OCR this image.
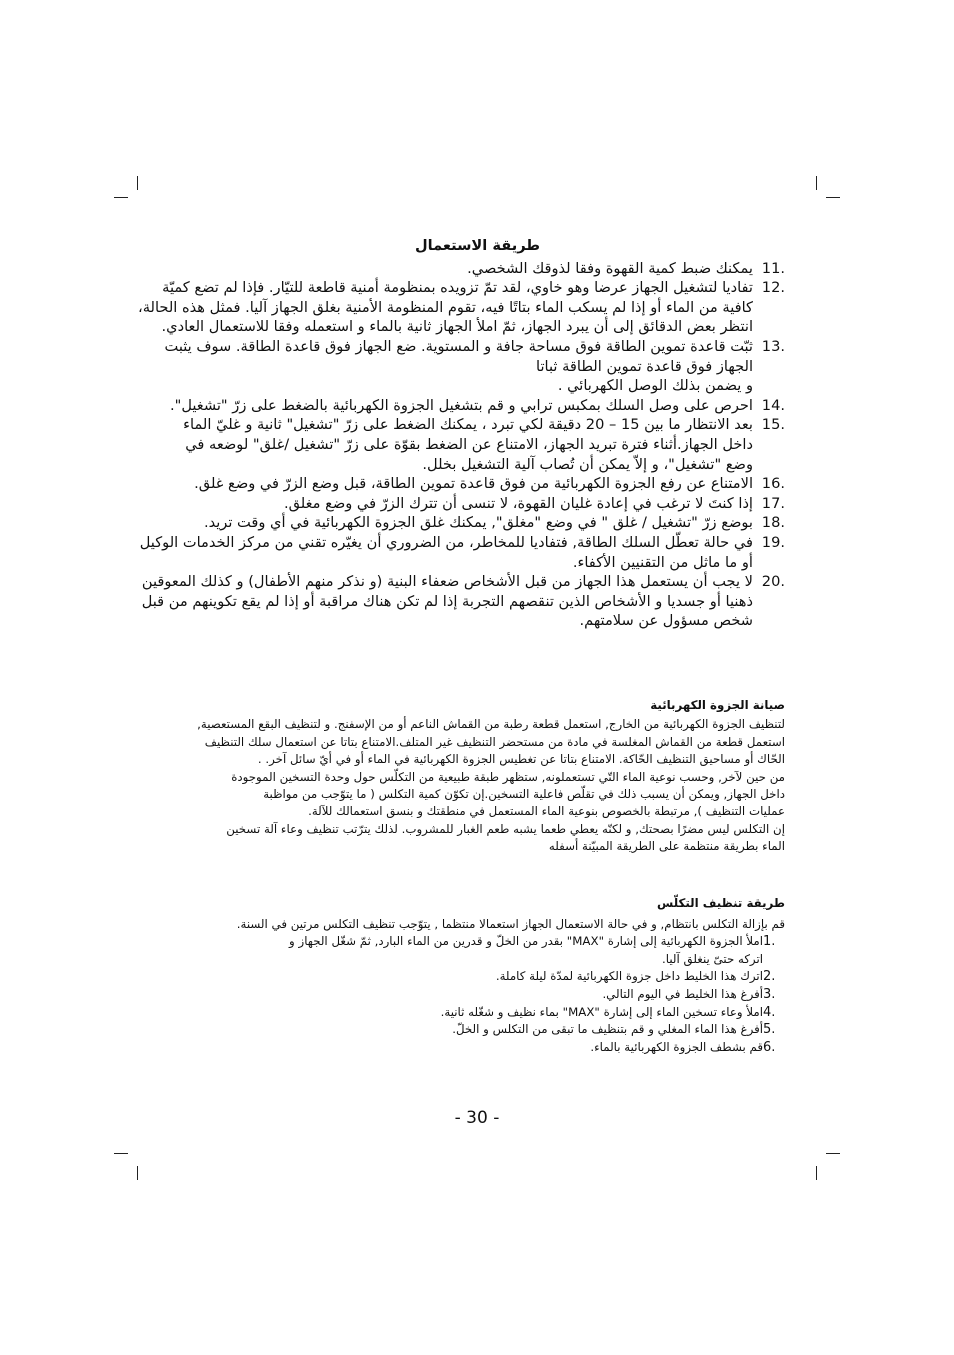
طريقة الاستعمال
11.
يمكنك ضبط كمية القهوة وفقا لذوقك الشخصي.
12.
تفاديا لتشغيل الجهاز عرضا وهو خاوي، لقد تمّ تزويده بمنظومة أمنية قاطعة للتيّار. فإذا لم تضع كميّة
كافية من الماء أو إذا لم يسكب الماء بتاتًا فيه، تقوم المنظومة الأمنية بغلق الجهاز آليا. فمثل هذه الحالة،
انتظر بعض الدقائق إلى أن يبرد الجهاز، ثمّ املأ الجهاز ثانية بالماء و استعمله وفقا للاستعمال العادي.
13.
ثبّت قاعدة تموين الطاقة فوق مساحة جافة و المستوية. ضع الجهاز فوق قاعدة الطاقة. سوف يثبت
الجهاز فوق قاعدة تموين الطاقة ثباتا
و يضمن بذلك الوصل الكهربائي .
14.
احرص على وصل السلك بمكبس ترابي و قم بتشغيل الجزوة الكهربائية بالضغط على زرّ "تشغيل".
15.
بعد الانتظار ما بين 15 – 20 دقيقة لكي تبرد ، يمكنك الضغط على زرّ "تشغيل" ثانية و غليّ الماء
داخل الجهاز.أثناء فترة تبريد الجهاز، الامتناع عن الضغط بقوّة على زرّ "تشغيل /غلق" لوضعه في
وضع "تشغيل"، و إلاّ يمكن أن تُصاب آلية التشغيل بخلل.
16.
الامتناع عن رفع الجزوة الكهربائية من فوق قاعدة تموين الطاقة، قبل وضع الزرّ في وضع غلق.
17.
إذا كنتَ لا ترغب في إعادة غليان القهوة، لا تنسى أن تترك الزرّ في وضع مغلق.
18.
بوضع زرّ "تشغيل / غلق " في وضع "مغلق", يمكنك غلق الجزوة الكهربائية في أي وقت تريد.
19.
في حالة تعطّل السلك الطاقة, فتفاديا للمخاطر، من الضروري أن يغيّره تقني من مركز الخدمات الوكيل
أو ما ماثل من التقنيين الأكفاء.
20.
لا يجب أن يستعمل هذا الجهاز من قبل الأشخاص ضعفاء البنية (و نذكر منهم الأطفال) و كذلك المعوقين
ذهنيا أو جسديا و الأشخاص الذين تنقصهم التجربة إذا لم تكن هناك مراقبة أو إذا لم يقع تكوينهم من قبل
شخص مسؤول عن سلامتهم.
صيانة الجزوة الكهربائية
لتنظيف الجزوة الكهربائية من الخارج, استعمل قطعة رطبة من القماش الناعم أو من الإسفنج. و لتنظيف البقع المستعصية,
استعمل قطعة من القماش المغلسة في مادة من مستحضر التنظيف غير المتلف.الامتناع بتاتا عن استعمال سلك التنظيف
الحّاك أو مساحيق التنظيف الحّاكة. الامتناع بتاتا عن تغطيس الجزوة الكهربائية في الماء أو في أيّ سائل آخر. .
من حين لآخر, وحسب نوعية الماء التّي تستعملونه, ستظهر طبقة طبيعية من التكلّس حول وحدة التسخين الموجودة
داخل الجهاز, ويمكن أن يسبب ذلك في تقلّص فاعلية التسخين.إن تكوّن كمية التكلس ( ما يتوّجب من مواظبة
عمليات التنظيف ), مرتبطة بالخصوص بنوعية الماء المستعمل في منطقتك و بنسق استعمالك للآلة.
إن التكلس ليس مضرًا بصحتك, و لكنّه يعطي طعما يشبه طعم الغبار للمشروب. لذلك يترّتب تنظيف وعاء آلة تسخين
الماء بطريقة منتظمة على الطريقة المبيّنة أسفله
طريقة تنظيف التكلّس
قم بإزالة التكلس بانتظام, و في حالة الاستعمال الجهاز استعمالا منتظما , يتوّجب تنظيف التكلس مرتين في السنة.
1.
املأ الجزوة الكهربائية إلى إشارة "MAX" بقدر من الخلّ و قدرين من الماء البارد, ثمّ شغّل الجهاز و
اتركه حتىّ ينغلق آليا.
2.
اترك هذا الخليط داخل جزوة الكهربائية لمدّة ليلة كاملة.
3.
أفرغ هذا الخليط في اليوم التالي.
4.
املأ وعاء تسخين الماء إلى إشارة "MAX" بماء نظيف و شغّله ثانية.
5.
أفرغ هذا الماء المغلي و قم بتنظيف ما تبقى من التكلس و الخلّ.
6.
قم بشطف الجزوة الكهربائية بالماء.
- 30 -
